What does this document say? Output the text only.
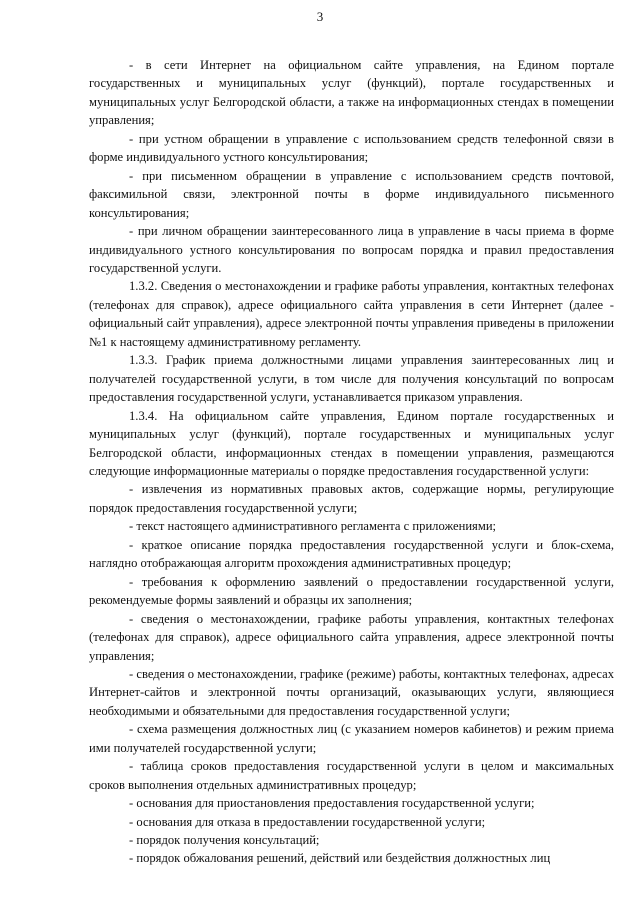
3

- в сети Интернет на официальном сайте управления, на Едином портале государственных и муниципальных услуг (функций), портале государственных и муниципальных услуг Белгородской области, а также на информационных стендах в помещении управления;

- при устном обращении в управление с использованием средств телефонной связи в форме индивидуального устного консультирования;

- при письменном обращении в управление с использованием средств почтовой, факсимильной связи, электронной почты в форме индивидуального письменного консультирования;

- при личном обращении заинтересованного лица в управление в часы приема в форме индивидуального устного консультирования по вопросам порядка и правил предоставления государственной услуги.

1.3.2. Сведения о местонахождении и графике работы управления, контактных телефонах (телефонах для справок), адресе официального сайта управления в сети Интернет (далее - официальный сайт управления), адресе электронной почты управления приведены в приложении №1 к настоящему административному регламенту.

1.3.3. График приема должностными лицами управления заинтересованных лиц и получателей государственной услуги, в том числе для получения консультаций по вопросам предоставления государственной услуги, устанавливается приказом управления.

1.3.4. На официальном сайте управления, Едином портале государственных и муниципальных услуг (функций), портале государственных и муниципальных услуг Белгородской области, информационных стендах в помещении управления, размещаются следующие информационные материалы о порядке предоставления государственной услуги:

- извлечения из нормативных правовых актов, содержащие нормы, регулирующие порядок предоставления государственной услуги;

- текст настоящего административного регламента с приложениями;

- краткое описание порядка предоставления государственной услуги и блок-схема, наглядно отображающая алгоритм прохождения административных процедур;

- требования к оформлению заявлений о предоставлении государственной услуги, рекомендуемые формы заявлений и образцы их заполнения;

- сведения о местонахождении, графике работы управления, контактных телефонах (телефонах для справок), адресе официального сайта управления, адресе электронной почты управления;

- сведения о местонахождении, графике (режиме) работы, контактных телефонах, адресах Интернет-сайтов и электронной почты организаций, оказывающих услуги, являющиеся необходимыми и обязательными для предоставления государственной услуги;

- схема размещения должностных лиц (с указанием номеров кабинетов) и режим приема ими получателей государственной услуги;

- таблица сроков предоставления государственной услуги в целом и максимальных сроков выполнения отдельных административных процедур;

- основания для приостановления предоставления государственной услуги;

- основания для отказа в предоставлении государственной услуги;

- порядок получения консультаций;

- порядок обжалования решений, действий или бездействия должностных лиц
